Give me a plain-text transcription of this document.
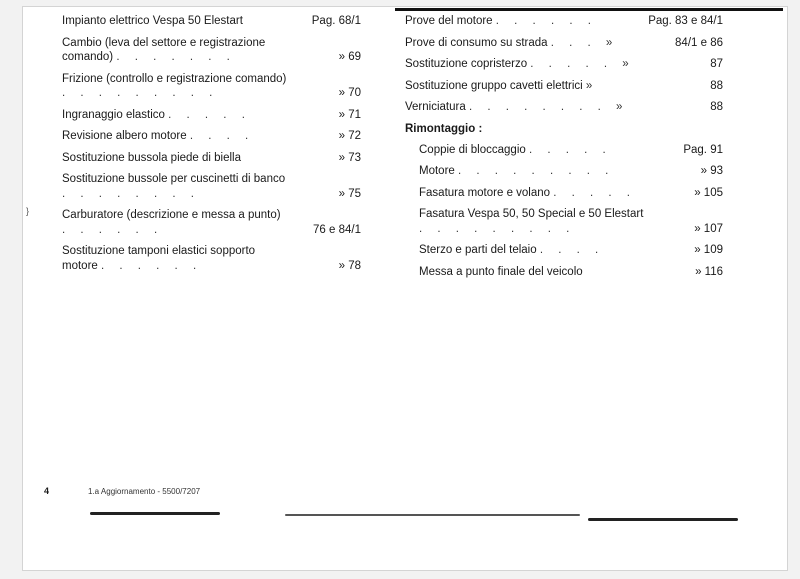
}
Impianto elettrico Vespa 50 Elestart	Pag. 68/1
Cambio (leva del settore e registrazione comando) . . . . . . .	» 69
Frizione (controllo e registrazione comando) . . . . . . . . .	» 70
Ingranaggio elastico . . . . .	» 71
Revisione albero motore . . . .	» 72
Sostituzione bussola piede di biella	» 73
Sostituzione bussole per cuscinetti di banco . . . . . . . .	» 75
Carburatore (descrizione e messa a punto) . . . . . .	76 e 84/1
Sostituzione tamponi elastici sopporto motore . . . . . .	» 78
Prove del motore . . . . . .	Pag. 83 e 84/1
Prove di consumo su strada . . . »	84/1 e 86
Sostituzione copristerzo . . . . . »	87
Sostituzione gruppo cavetti elettrici »	88
Verniciatura . . . . . . . . »	88
Rimontaggio :
Coppie di bloccaggio . . . . .	Pag. 91
Motore . . . . . . . . .	» 93
Fasatura motore e volano . . . . .	» 105
Fasatura Vespa 50, 50 Special e 50 Elestart . . . . . . . . .	» 107
Sterzo e parti del telaio . . . .	» 109
Messa a punto finale del veicolo	» 116
4	1.a Aggiornamento - 5500/7207
